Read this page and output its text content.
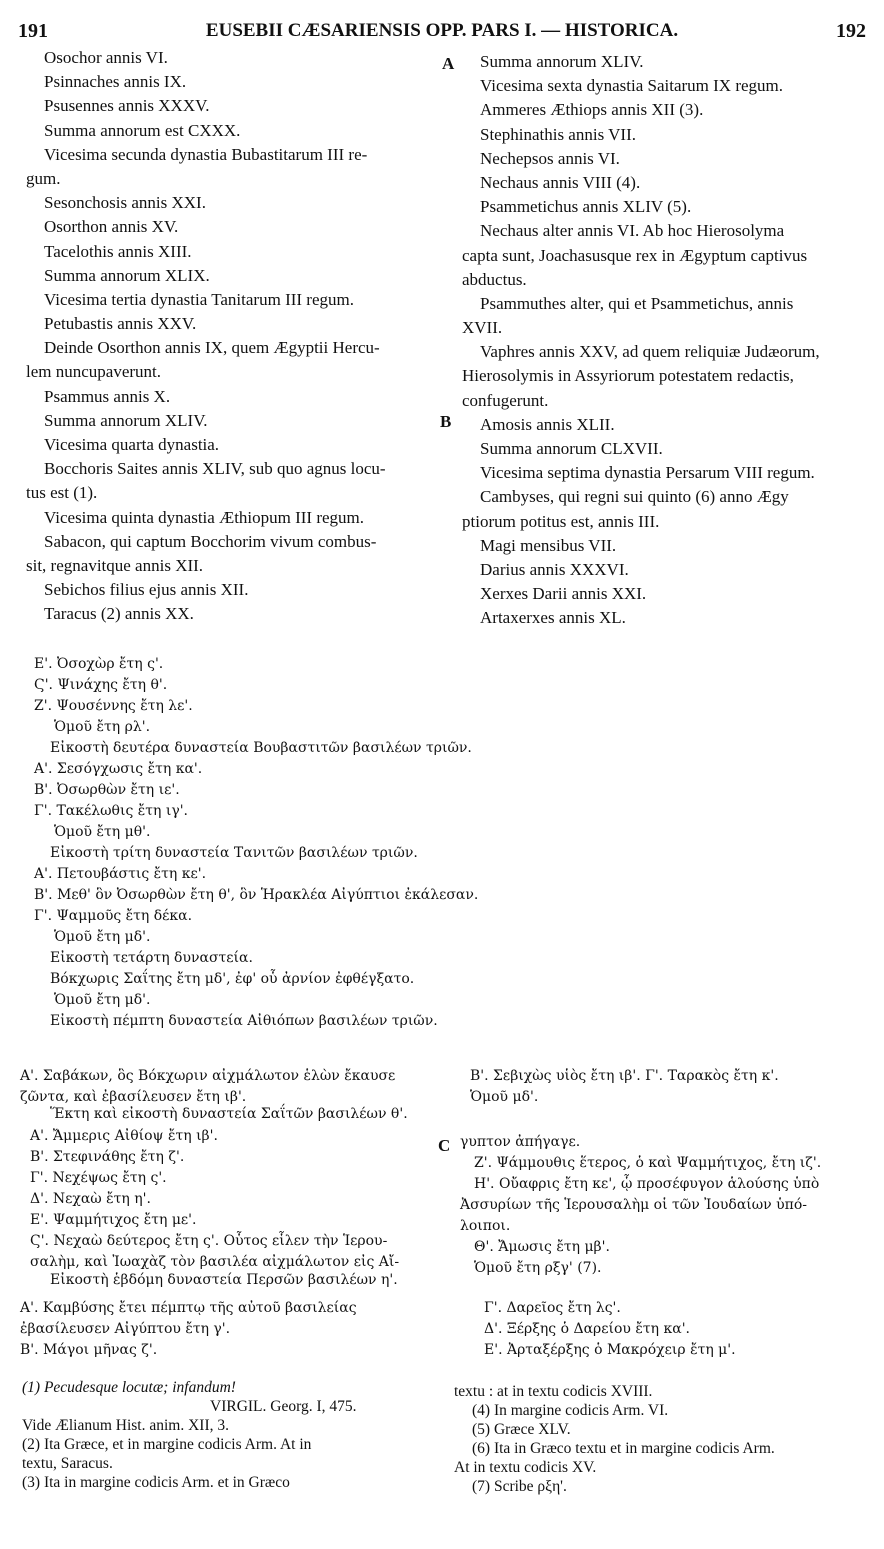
191	EUSEBII CÆSARIENSIS OPP. PARS I. — HISTORICA.	192
Osochor annis VI.
Psinnaches annis IX.
Psusennes annis XXXV.
Summa annorum est CXXX.
Vicesima secunda dynastia Bubastitarum III re-
gum.
Sesonchosis annis XXI.
Osorthon annis XV.
Tacelothis annis XIII.
Summa annorum XLIX.
Vicesima tertia dynastia Tanitarum III regum.
Petubastis annis XXV.
Deinde Osorthon annis IX, quem Ægyptii Hercu-
lem nuncupaverunt.
Psammus annis X.
Summa annorum XLIV.
Vicesima quarta dynastia.
Bocchoris Saites annis XLIV, sub quo agnus locu-
tus est (1).
Vicesima quinta dynastia Æthiopum III regum.
Sabacon, qui captum Bocchorim vivum combus-
sit, regnavitque annis XII.
Sebichos filius ejus annis XII.
Taracus (2) annis XX.
Summa annorum XLIV.
Vicesima sexta dynastia Saitarum IX regum.
Ammeres Æthiops annis XII (3).
Stephinathis annis VII.
Nechepsos annis VI.
Nechaus annis VIII (4).
Psammetichus annis XLIV (5).
Nechaus alter annis VI. Ab hoc Hierosolyma
capta sunt, Joachasusque rex in Ægyptum captivus
abductus.
Psammuthes alter, qui et Psammetichus, annis
XVII.
Vaphres annis XXV, ad quem reliquiæ Judæorum,
Hierosolymis in Assyriorum potestatem redactis,
confugerunt.
Amosis annis XLII.
Summa annorum CLXVII.
Vicesima septima dynastia Persarum VIII regum.
Cambyses, qui regni sui quinto (6) anno Ægy
ptiorum potitus est, annis III.
Magi mensibus VII.
Darius annis XXXVI.
Xerxes Darii annis XXI.
Artaxerxes annis XL.
A
B
C
Ε'. Ὀσοχὼρ ἔτη ς'.
Ϛ'. Ψινάχης ἔτη θ'.
Ζ'. Ψουσέννης ἔτη λε'.
Ὁμοῦ ἔτη ρλ'.
Εἰκοστὴ δευτέρα δυναστεία Βουβαστιτῶν βασιλέων τριῶν.
Α'. Σεσόγχωσις ἔτη κα'.
Β'. Ὀσωρθὼν ἔτη ιε'.
Γ'. Τακέλωθις ἔτη ιγ'.
Ὁμοῦ ἔτη μθ'.
Εἰκοστὴ τρίτη δυναστεία Τανιτῶν βασιλέων τριῶν.
Α'. Πετουβάστις ἔτη κε'.
Β'. Μεθ' ὃν Ὀσωρθὼν ἔτη θ', ὃν Ἡρακλέα Αἰγύπτιοι ἐκάλεσαν.
Γ'. Ψαμμοῦς ἔτη δέκα.
Ὁμοῦ ἔτη μδ'.
Εἰκοστὴ τετάρτη δυναστεία.
Βόκχωρις Σαΐτης ἔτη μδ', ἐφ' οὗ ἀρνίον ἐφθέγξατο.
Ὁμοῦ ἔτη μδ'.
Εἰκοστὴ πέμπτη δυναστεία Αἰθιόπων βασιλέων τριῶν.
Α'. Σαβάκων, ὃς Βόκχωριν αἰχμάλωτον ἑλὼν ἔκαυσε
ζῶντα, καὶ ἐβασίλευσεν ἔτη ιβ'.
Β'. Σεβιχὼς υἱὸς ἔτη ιβ'. Γ'. Ταρακὸς ἔτη κ'.
Ὁμοῦ μδ'.
Ἕκτη καὶ εἰκοστὴ δυναστεία Σαΐτῶν βασιλέων θ'.
Α'. Ἄμμερις Αἰθίοψ ἔτη ιβ'.
Β'. Στεφινάθης ἔτη ζ'.
Γ'. Νεχέψως ἔτη ς'.
Δ'. Νεχαὼ ἔτη η'.
Ε'. Ψαμμήτιχος ἔτη με'.
Ϛ'. Νεχαὼ δεύτερος ἔτη ς'. Οὗτος εἷλεν τὴν Ἱερου-
σαλὴμ, καὶ Ἰωαχὰζ τὸν βασιλέα αἰχμάλωτον εἰς Αἴ-
γυπτον ἀπήγαγε.
Ζ'. Ψάμμουθις ἕτερος, ὁ καὶ Ψαμμήτιχος, ἔτη ιζ'.
Η'. Οὔαφρις ἔτη κε', ᾧ προσέφυγον ἁλούσης ὑπὸ
Ἀσσυρίων τῆς Ἱερουσαλὴμ οἱ τῶν Ἰουδαίων ὑπό-
λοιποι.
Θ'. Ἄμωσις ἔτη μβ'.
Ὁμοῦ ἔτη ρξγ' (7).
Εἰκοστὴ ἑβδόμη δυναστεία Περσῶν βασιλέων η'.
Α'. Καμβύσης ἔτει πέμπτῳ τῆς αὐτοῦ βασιλείας
ἐβασίλευσεν Αἰγύπτου ἔτη γ'.
Β'. Μάγοι μῆνας ζ'.
Γ'. Δαρεῖος ἔτη λς'.
Δ'. Ξέρξης ὁ Δαρείου ἔτη κα'.
Ε'. Ἀρταξέρξης ὁ Μακρόχειρ ἔτη μ'.
(1) Pecudesque locutæ; infandum!
VIRGIL. Georg. I, 475.
Vide Ælianum Hist. anim. XII, 3.
(2) Ita Græce, et in margine codicis Arm. At in
textu, Saracus.
(3) Ita in margine codicis Arm. et in Græco
textu : at in textu codicis XVIII.
(4) In margine codicis Arm. VI.
(5) Græce XLV.
(6) Ita in Græco textu et in margine codicis Arm.
At in textu codicis XV.
(7) Scribe ρξη'.
